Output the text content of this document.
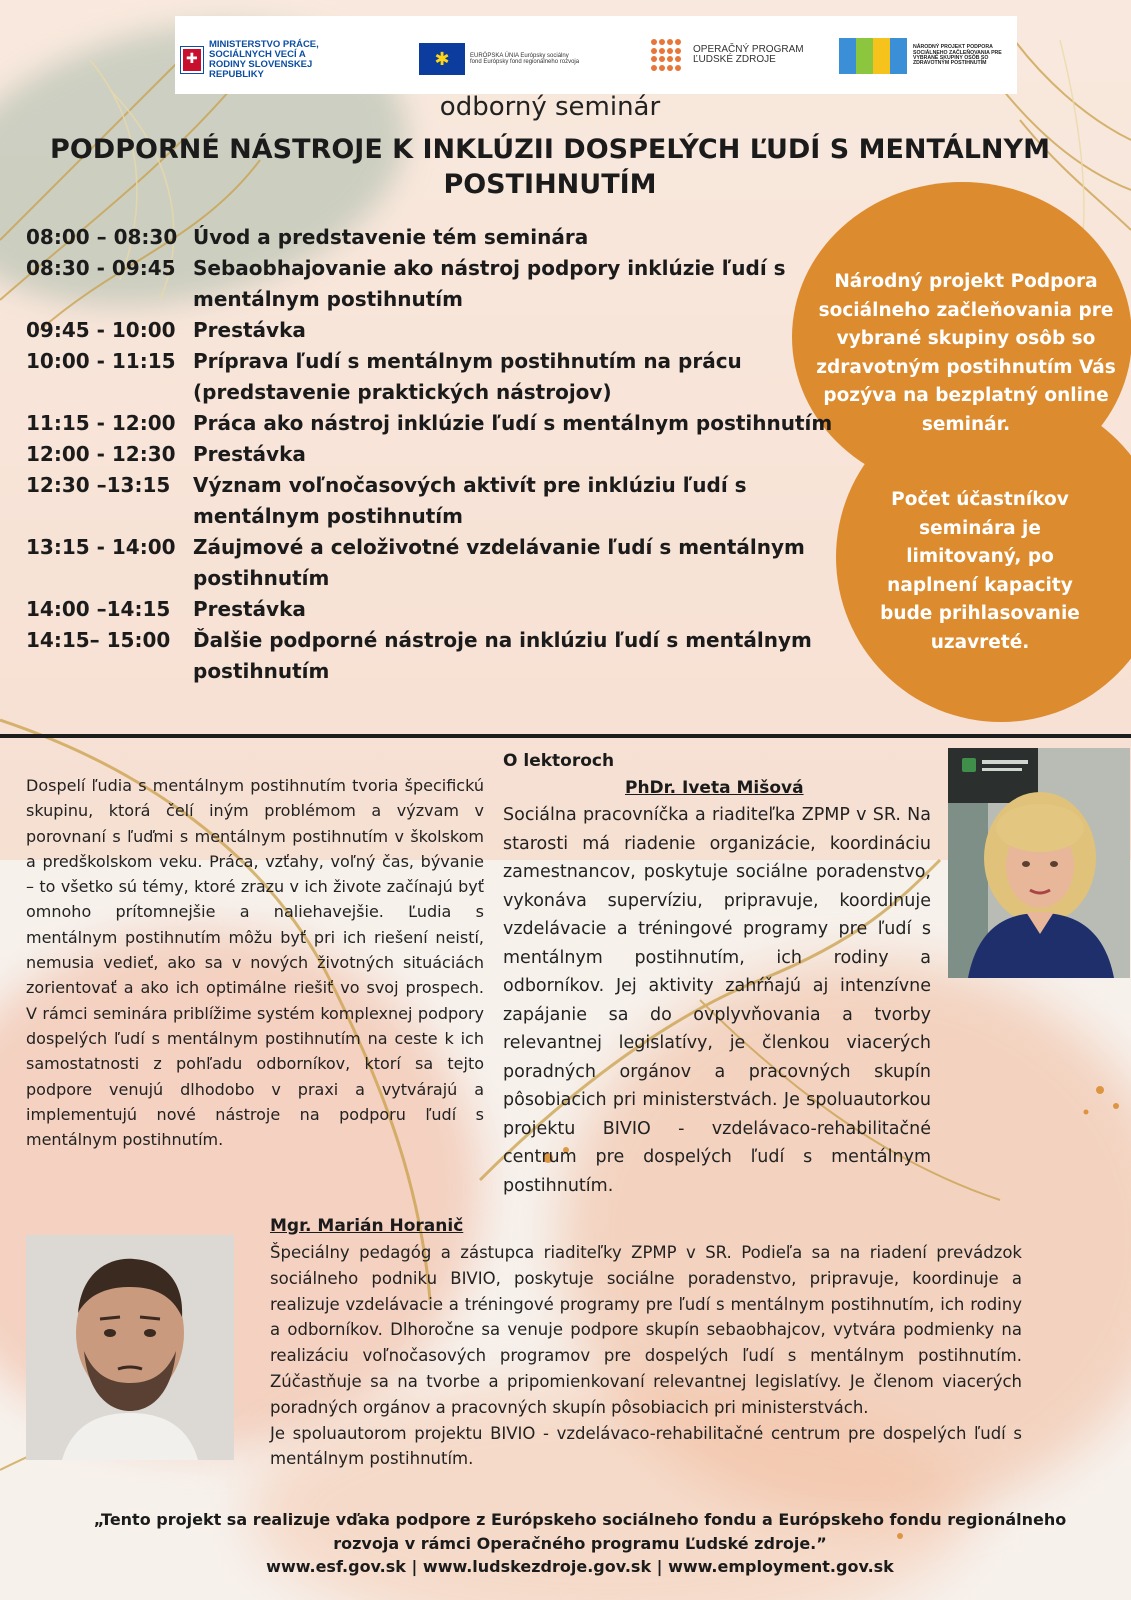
✚
MINISTERSTVO PRÁCE, SOCIÁLNYCH VECÍ A RODINY SLOVENSKEJ REPUBLIKY
✱	EURÓPSKA ÚNIA Európsky sociálny fond Európsky fond regionálneho rozvoja
OPERAČNÝ PROGRAM ĽUDSKÉ ZDROJE
NÁRODNÝ PROJEKT PODPORA SOCIÁLNEHO ZAČLEŇOVANIA PRE VYBRANÉ SKUPINY OSÔB SO ZDRAVOTNÝM POSTIHNUTÍM
odborný seminár
PODPORNÉ NÁSTROJE K INKLÚZII DOSPELÝCH ĽUDÍ S MENTÁLNYM POSTIHNUTÍM
08:00 – 08:30 Úvod a predstavenie tém seminára
08:30 - 09:45 Sebaobhajovanie ako nástroj podpory inklúzie ľudí s mentálnym postihnutím
09:45 - 10:00 Prestávka
10:00 - 11:15 Príprava ľudí s mentálnym postihnutím na prácu (predstavenie praktických nástrojov)
11:15 - 12:00 Práca ako nástroj inklúzie ľudí s mentálnym postihnutím
12:00 - 12:30 Prestávka
12:30 –13:15	Význam voľnočasových aktivít pre inklúziu ľudí s mentálnym postihnutím
13:15 - 14:00 Záujmové a celoživotné vzdelávanie ľudí s mentálnym postihnutím
14:00 –14:15	Prestávka
14:15– 15:00	Ďalšie podporné nástroje na inklúziu ľudí s mentálnym postihnutím
Národný projekt Podpora sociálneho začleňovania pre vybrané skupiny osôb so zdravotným postihnutím Vás pozýva na bezplatný online seminár.
Počet účastníkov seminára je limitovaný, po naplnení kapacity bude prihlasovanie uzavreté.
Dospelí ľudia s mentálnym postihnutím tvoria špecifickú skupinu, ktorá čelí iným problémom a výzvam v porovnaní s ľuďmi s mentálnym postihnutím v školskom a predškolskom veku. Práca, vzťahy, voľný čas, bývanie – to všetko sú témy, ktoré zrazu v ich živote začínajú byť omnoho prítomnejšie a naliehavejšie. Ľudia s mentálnym postihnutím môžu byť pri ich riešení neistí, nemusia vedieť, ako sa v nových životných situáciách zorientovať a ako ich optimálne riešiť vo svoj prospech. V rámci seminára priblížime systém komplexnej podpory dospelých ľudí s mentálnym postihnutím na ceste k ich samostatnosti z pohľadu odborníkov, ktorí sa tejto podpore venujú dlhodobo v praxi a vytvárajú a implementujú nové nástroje na podporu ľudí s mentálnym postihnutím.
O lektoroch
PhDr. Iveta Mišová
Sociálna pracovníčka a riaditeľka ZPMP v SR. Na starosti má riadenie organizácie, koordináciu zamestnancov, poskytuje sociálne poradenstvo, vykonáva supervíziu, pripravuje, koordinuje vzdelávacie a tréningové programy pre ľudí s mentálnym postihnutím, ich rodiny a odborníkov. Jej aktivity zahŕňajú aj intenzívne zapájanie sa do ovplyvňovania a tvorby relevantnej legislatívy, je členkou viacerých poradných orgánov a pracovných skupín pôsobiacich pri ministerstvách. Je spoluautorkou projektu BIVIO - vzdelávaco-rehabilitačné centrum pre dospelých ľudí s mentálnym postihnutím.
Mgr. Marián Horanič

Špeciálny pedagóg a zástupca riaditeľky ZPMP v SR. Podieľa sa na riadení prevádzok sociálneho podniku BIVIO, poskytuje sociálne poradenstvo, pripravuje, koordinuje a realizuje vzdelávacie a tréningové programy pre ľudí s mentálnym postihnutím, ich rodiny a odborníkov. Dlhoročne sa venuje podpore skupín sebaobhajcov, vytvára podmienky na realizáciu voľnočasových programov pre dospelých ľudí s mentálnym postihnutím. Zúčastňuje sa na tvorbe a pripomienkovaní relevantnej legislatívy. Je členom viacerých poradných orgánov a pracovných skupín pôsobiacich pri ministerstvách.

Je spoluautorom projektu BIVIO - vzdelávaco-rehabilitačné centrum pre dospelých ľudí s mentálnym postihnutím.

„Tento projekt sa realizuje vďaka podpore z Európskeho sociálneho fondu a Európskeho fondu regionálneho rozvoja v rámci Operačného programu Ľudské zdroje.”
www.esf.gov.sk | www.ludskezdroje.gov.sk | www.employment.gov.sk
